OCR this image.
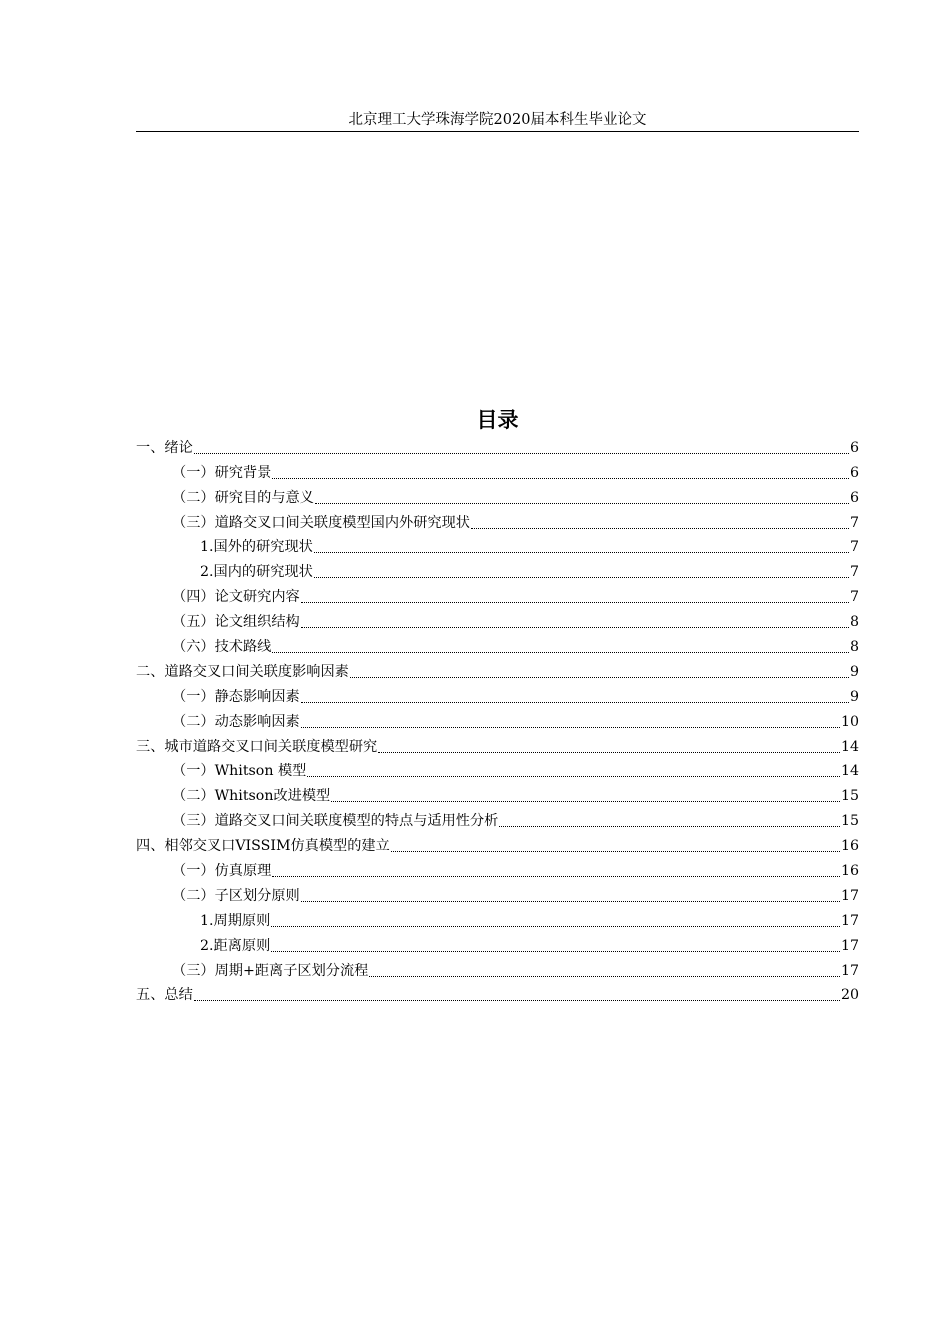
北京理工大学珠海学院2020届本科生毕业论文
目录
一、绪论	6
（一）研究背景	6
（二）研究目的与意义	6
（三）道路交叉口间关联度模型国内外研究现状	7
1.国外的研究现状	7
2.国内的研究现状	7
（四）论文研究内容	7
（五）论文组织结构	8
（六）技术路线	8
二、道路交叉口间关联度影响因素	9
（一）静态影响因素	9
（二）动态影响因素	10
三、城市道路交叉口间关联度模型研究	14
（一）Whitson 模型	14
（二）Whitson改进模型	15
（三）道路交叉口间关联度模型的特点与适用性分析	15
四、相邻交叉口VISSIM仿真模型的建立	16
（一）仿真原理	16
（二）子区划分原则	17
1.周期原则	17
2.距离原则	17
（三）周期+距离子区划分流程	17
五、总结	20
